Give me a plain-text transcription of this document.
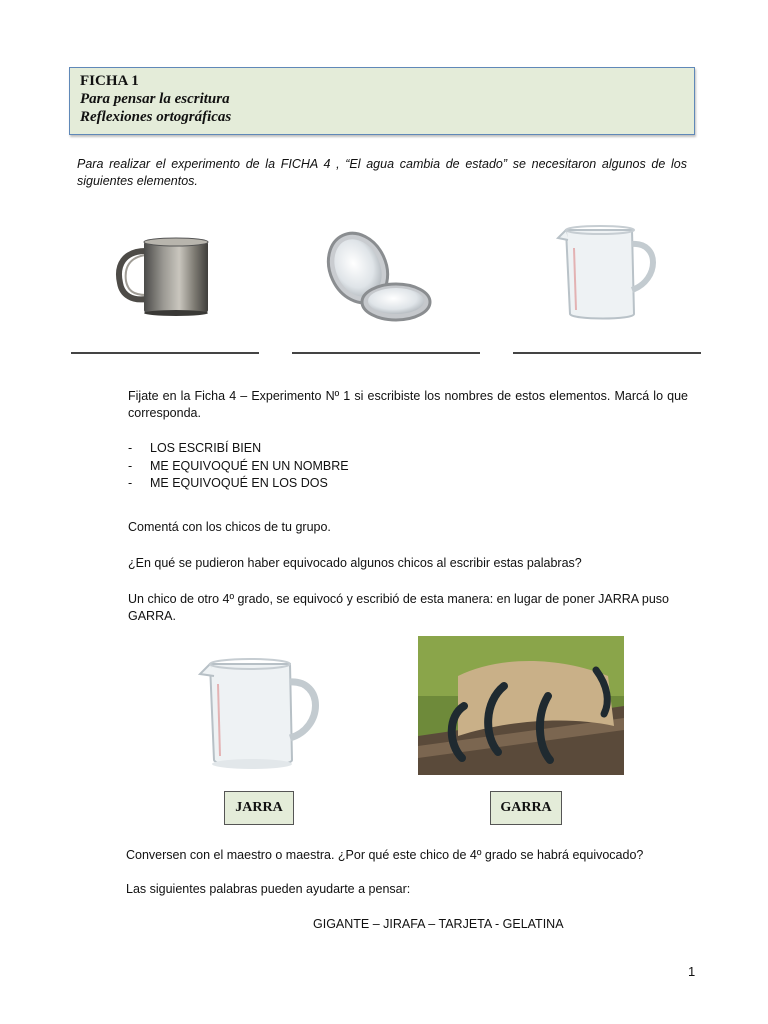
FICHA 1
Para pensar la escritura
Reflexiones ortográficas
Para realizar el experimento de la FICHA 4 , “El agua cambia de estado” se necesitaron algunos de los siguientes elementos.
Fijate en la Ficha 4 – Experimento Nº 1 si escribiste los nombres de estos elementos. Marcá lo que corresponda.
- LOS ESCRIBÍ BIEN
- ME EQUIVOQUÉ EN UN NOMBRE
- ME EQUIVOQUÉ EN LOS DOS
Comentá con los chicos de tu grupo.
¿En qué se pudieron haber equivocado algunos chicos al escribir estas palabras?
Un chico de otro 4º grado, se equivocó y escribió de esta manera: en lugar de poner JARRA puso GARRA.
JARRA	GARRA
Conversen con el maestro o maestra. ¿Por qué este chico de 4º grado se habrá equivocado?
Las siguientes palabras pueden ayudarte a pensar:
GIGANTE – JIRAFA – TARJETA - GELATINA
1
